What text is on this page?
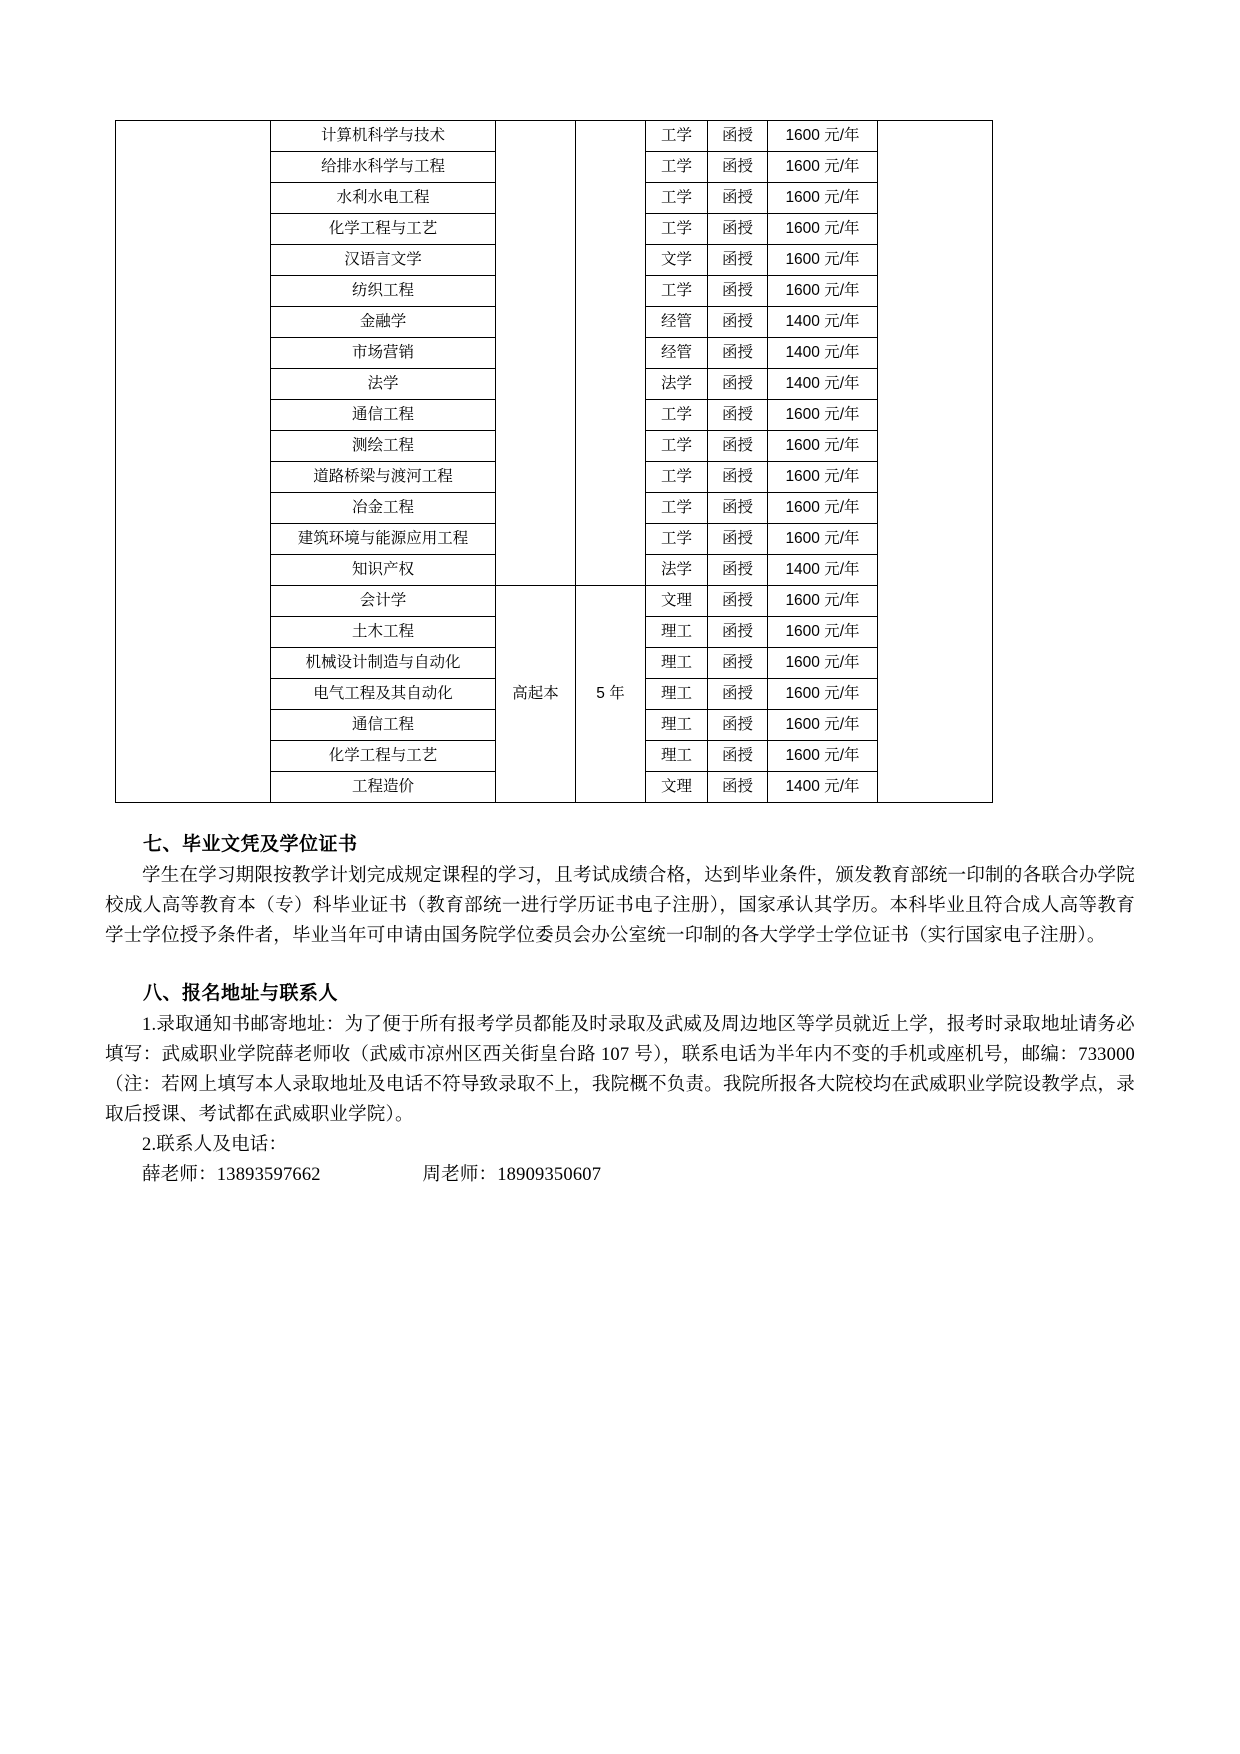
	计算机科学与技术			工学	函授	1600 元/年	
	给排水科学与工程			工学	函授	1600 元/年	
	水利水电工程			工学	函授	1600 元/年	
	化学工程与工艺			工学	函授	1600 元/年	
	汉语言文学			文学	函授	1600 元/年	
	纺织工程			工学	函授	1600 元/年	
	金融学			经管	函授	1400 元/年	
	市场营销			经管	函授	1400 元/年	
	法学			法学	函授	1400 元/年	
	通信工程			工学	函授	1600 元/年	
	测绘工程			工学	函授	1600 元/年	
	道路桥梁与渡河工程			工学	函授	1600 元/年	
	冶金工程			工学	函授	1600 元/年	
	建筑环境与能源应用工程			工学	函授	1600 元/年	
	知识产权			法学	函授	1400 元/年	
	会计学	高起本	5 年	文理	函授	1600 元/年	
	土木工程			理工	函授	1600 元/年	
	机械设计制造与自动化			理工	函授	1600 元/年	
	电气工程及其自动化			理工	函授	1600 元/年	
	通信工程			理工	函授	1600 元/年	
	化学工程与工艺			理工	函授	1600 元/年	
	工程造价			文理	函授	1400 元/年	
七、毕业文凭及学位证书

学生在学习期限按教学计划完成规定课程的学习，且考试成绩合格，达到毕业条件，颁发教育部统一印制的各联合办学院校成人高等教育本（专）科毕业证书（教育部统一进行学历证书电子注册），国家承认其学历。本科毕业且符合成人高等教育学士学位授予条件者，毕业当年可申请由国务院学位委员会办公室统一印制的各大学学士学位证书（实行国家电子注册）。

八、报名地址与联系人

1.录取通知书邮寄地址：为了便于所有报考学员都能及时录取及武威及周边地区等学员就近上学，报考时录取地址请务必填写：武威职业学院薛老师收（武威市凉州区西关街皇台路 107 号），联系电话为半年内不变的手机或座机号，邮编：733000（注：若网上填写本人录取地址及电话不符导致录取不上，我院概不负责。我院所报各大院校均在武威职业学院设教学点，录取后授课、考试都在武威职业学院）。

2.联系人及电话：

薛老师：13893597662	周老师：18909350607
